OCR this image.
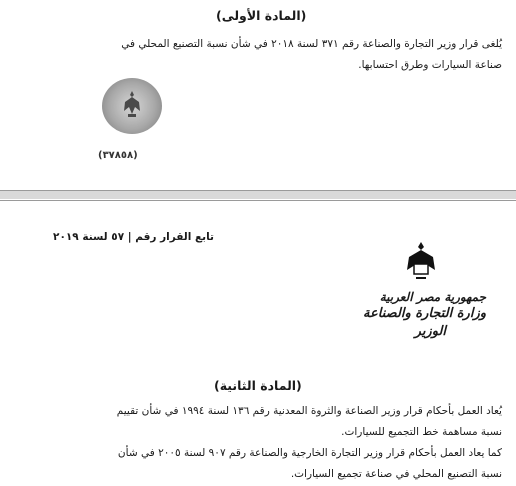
(المادة الأولى)
يُلغى قرار وزير التجارة والصناعة رقم ٣٧١ لسنة ٢٠١٨ في شأن نسبة التصنيع المحلي في
صناعة السيارات وطرق احتسابها.
(٣٧٨٥٨)
تابع القرار رقم | ٥٧ لسنة ٢٠١٩
جمهورية مصر العربية
وزارة التجارة والصناعة
الوزير
(المادة الثانية)
يُعاد العمل بأحكام قرار وزير الصناعة والثروة المعدنية رقم ١٣٦ لسنة ١٩٩٤ في شأن تقييم
نسبة مساهمة خط التجميع للسيارات.
كما يعاد العمل بأحكام قرار وزير التجارة الخارجية والصناعة رقم ٩٠٧ لسنة ٢٠٠٥ في شأن
نسبة التصنيع المحلي في صناعة تجميع السيارات.
